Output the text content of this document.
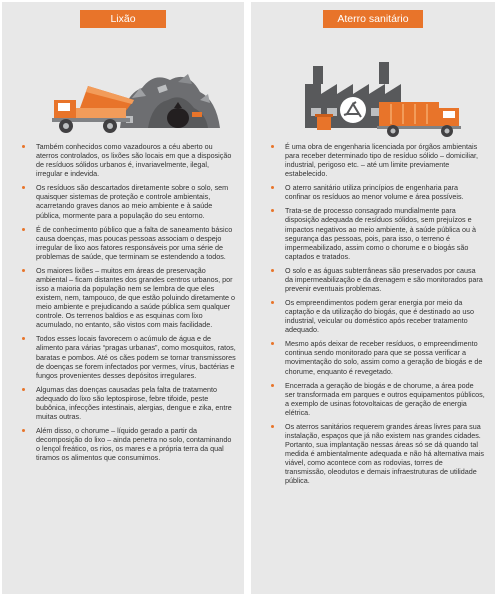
Lixão
Também conhecidos como vazadouros a céu aberto ou aterros controlados, os lixões são locais em que a disposição de resíduos sólidos urbanos é, invariavelmente, ilegal, irregular e indevida.
Os resíduos são descartados diretamente sobre o solo, sem quaisquer sistemas de proteção e controle ambientais, acarretando graves danos ao meio ambiente e à saúde pública, mormente para a população do seu entorno.
É de conhecimento público que a falta de saneamento básico causa doenças, mas poucas pessoas associam o despejo irregular de lixo aos fatores responsáveis por uma série de problemas de saúde, que terminam se estendendo a todos.
Os maiores lixões – muitos em áreas de preservação ambiental – ficam distantes dos grandes centros urbanos, por isso a maioria da população nem se lembra de que eles existem, nem, tampouco, de que estão poluindo diretamente o meio ambiente e prejudicando a saúde pública sem qualquer controle. Os terrenos baldios e as esquinas com lixo acumulado, no entanto, são vistos com mais facilidade.
Todos esses locais favorecem o acúmulo de água e de alimento para várias “pragas urbanas”, como mosquitos, ratos, baratas e pombos. Até os cães podem se tornar transmissores de doenças se forem infectados por vermes, vírus, bactérias e fungos provenientes desses depósitos irregulares.
Algumas das doenças causadas pela falta de tratamento adequado do lixo são leptospirose, febre tifoide, peste bubônica, infecções intestinais, alergias, dengue e zika, entre muitas outras.
Além disso, o chorume – líquido gerado a partir da decomposição do lixo – ainda penetra no solo, contaminando o lençol freático, os rios, os mares e a própria terra da qual tiramos os alimentos que consumimos.
Aterro sanitário
É uma obra de engenharia licenciada por órgãos ambientais para receber determinado tipo de resíduo sólido – domiciliar, industrial, perigoso etc. – até um limite previamente estabelecido.
O aterro sanitário utiliza princípios de engenharia para confinar os resíduos ao menor volume e área possíveis.
Trata-se de processo consagrado mundialmente para disposição adequada de resíduos sólidos, sem prejuízos e impactos negativos ao meio ambiente, à saúde pública ou à segurança das pessoas, pois, para isso, o terreno é impermeabilizado, assim como o chorume e o biogás são captados e tratados.
O solo e as águas subterrâneas são preservados por causa da impermeabilização e da drenagem e são monitorados para prevenir eventuais problemas.
Os empreendimentos podem gerar energia por meio da captação e da utilização do biogás, que é destinado ao uso industrial, veicular ou doméstico após receber tratamento adequado.
Mesmo após deixar de receber resíduos, o empreendimento continua sendo monitorado para que se possa verificar a movimentação do solo, assim como a geração de biogás e de chorume, enquanto é revegetado.
Encerrada a geração de biogás e de chorume, a área pode ser transformada em parques e outros equipamentos públicos, a exemplo de usinas fotovoltaicas de geração de energia elétrica.
Os aterros sanitários requerem grandes áreas livres para sua instalação, espaços que já não existem nas grandes cidades. Portanto, sua implantação nessas áreas só se dá quando tal medida é ambientalmente adequada e não há alternativa mais viável, como acontece com as rodovias, torres de transmissão, oleodutos e demais infraestruturas de utilidade pública.
